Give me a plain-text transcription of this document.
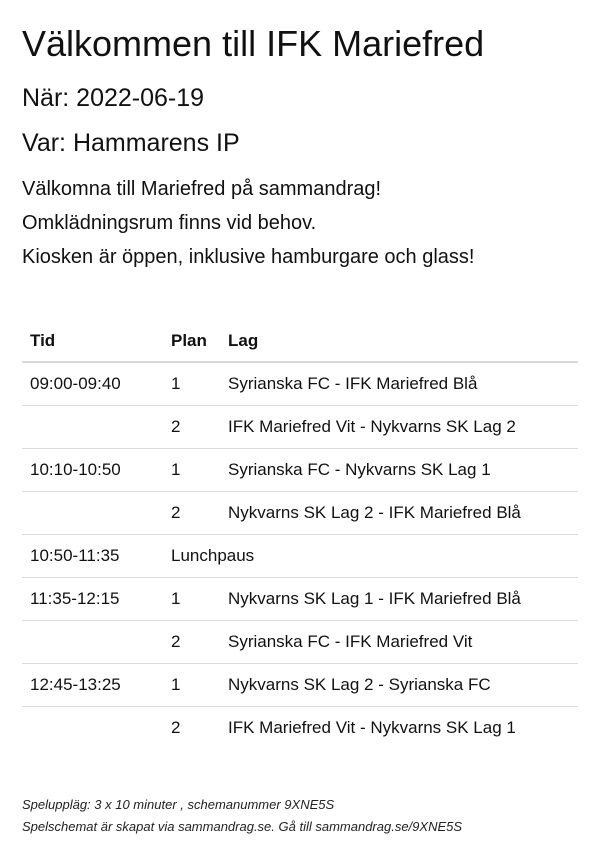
Välkommen till IFK Mariefred

När: 2022-06-19

Var: Hammarens IP

Välkomna till Mariefred på sammandrag!
Omklädningsrum finns vid behov.
Kiosken är öppen, inklusive hamburgare och glass!
Tid	Plan	Lag
09:00-09:40	1	Syrianska FC - IFK Mariefred Blå
	2	IFK Mariefred Vit - Nykvarns SK Lag 2
10:10-10:50	1	Syrianska FC - Nykvarns SK Lag 1
	2	Nykvarns SK Lag 2 - IFK Mariefred Blå
10:50-11:35	Lunchpaus	
11:35-12:15	1	Nykvarns SK Lag 1 - IFK Mariefred Blå
	2	Syrianska FC - IFK Mariefred Vit
12:45-13:25	1	Nykvarns SK Lag 2 - Syrianska FC
	2	IFK Mariefred Vit - Nykvarns SK Lag 1
Speluppläg: 3 x 10 minuter , schemanummer 9XNE5S
Spelschemat är skapat via sammandrag.se. Gå till sammandrag.se/9XNE5S
